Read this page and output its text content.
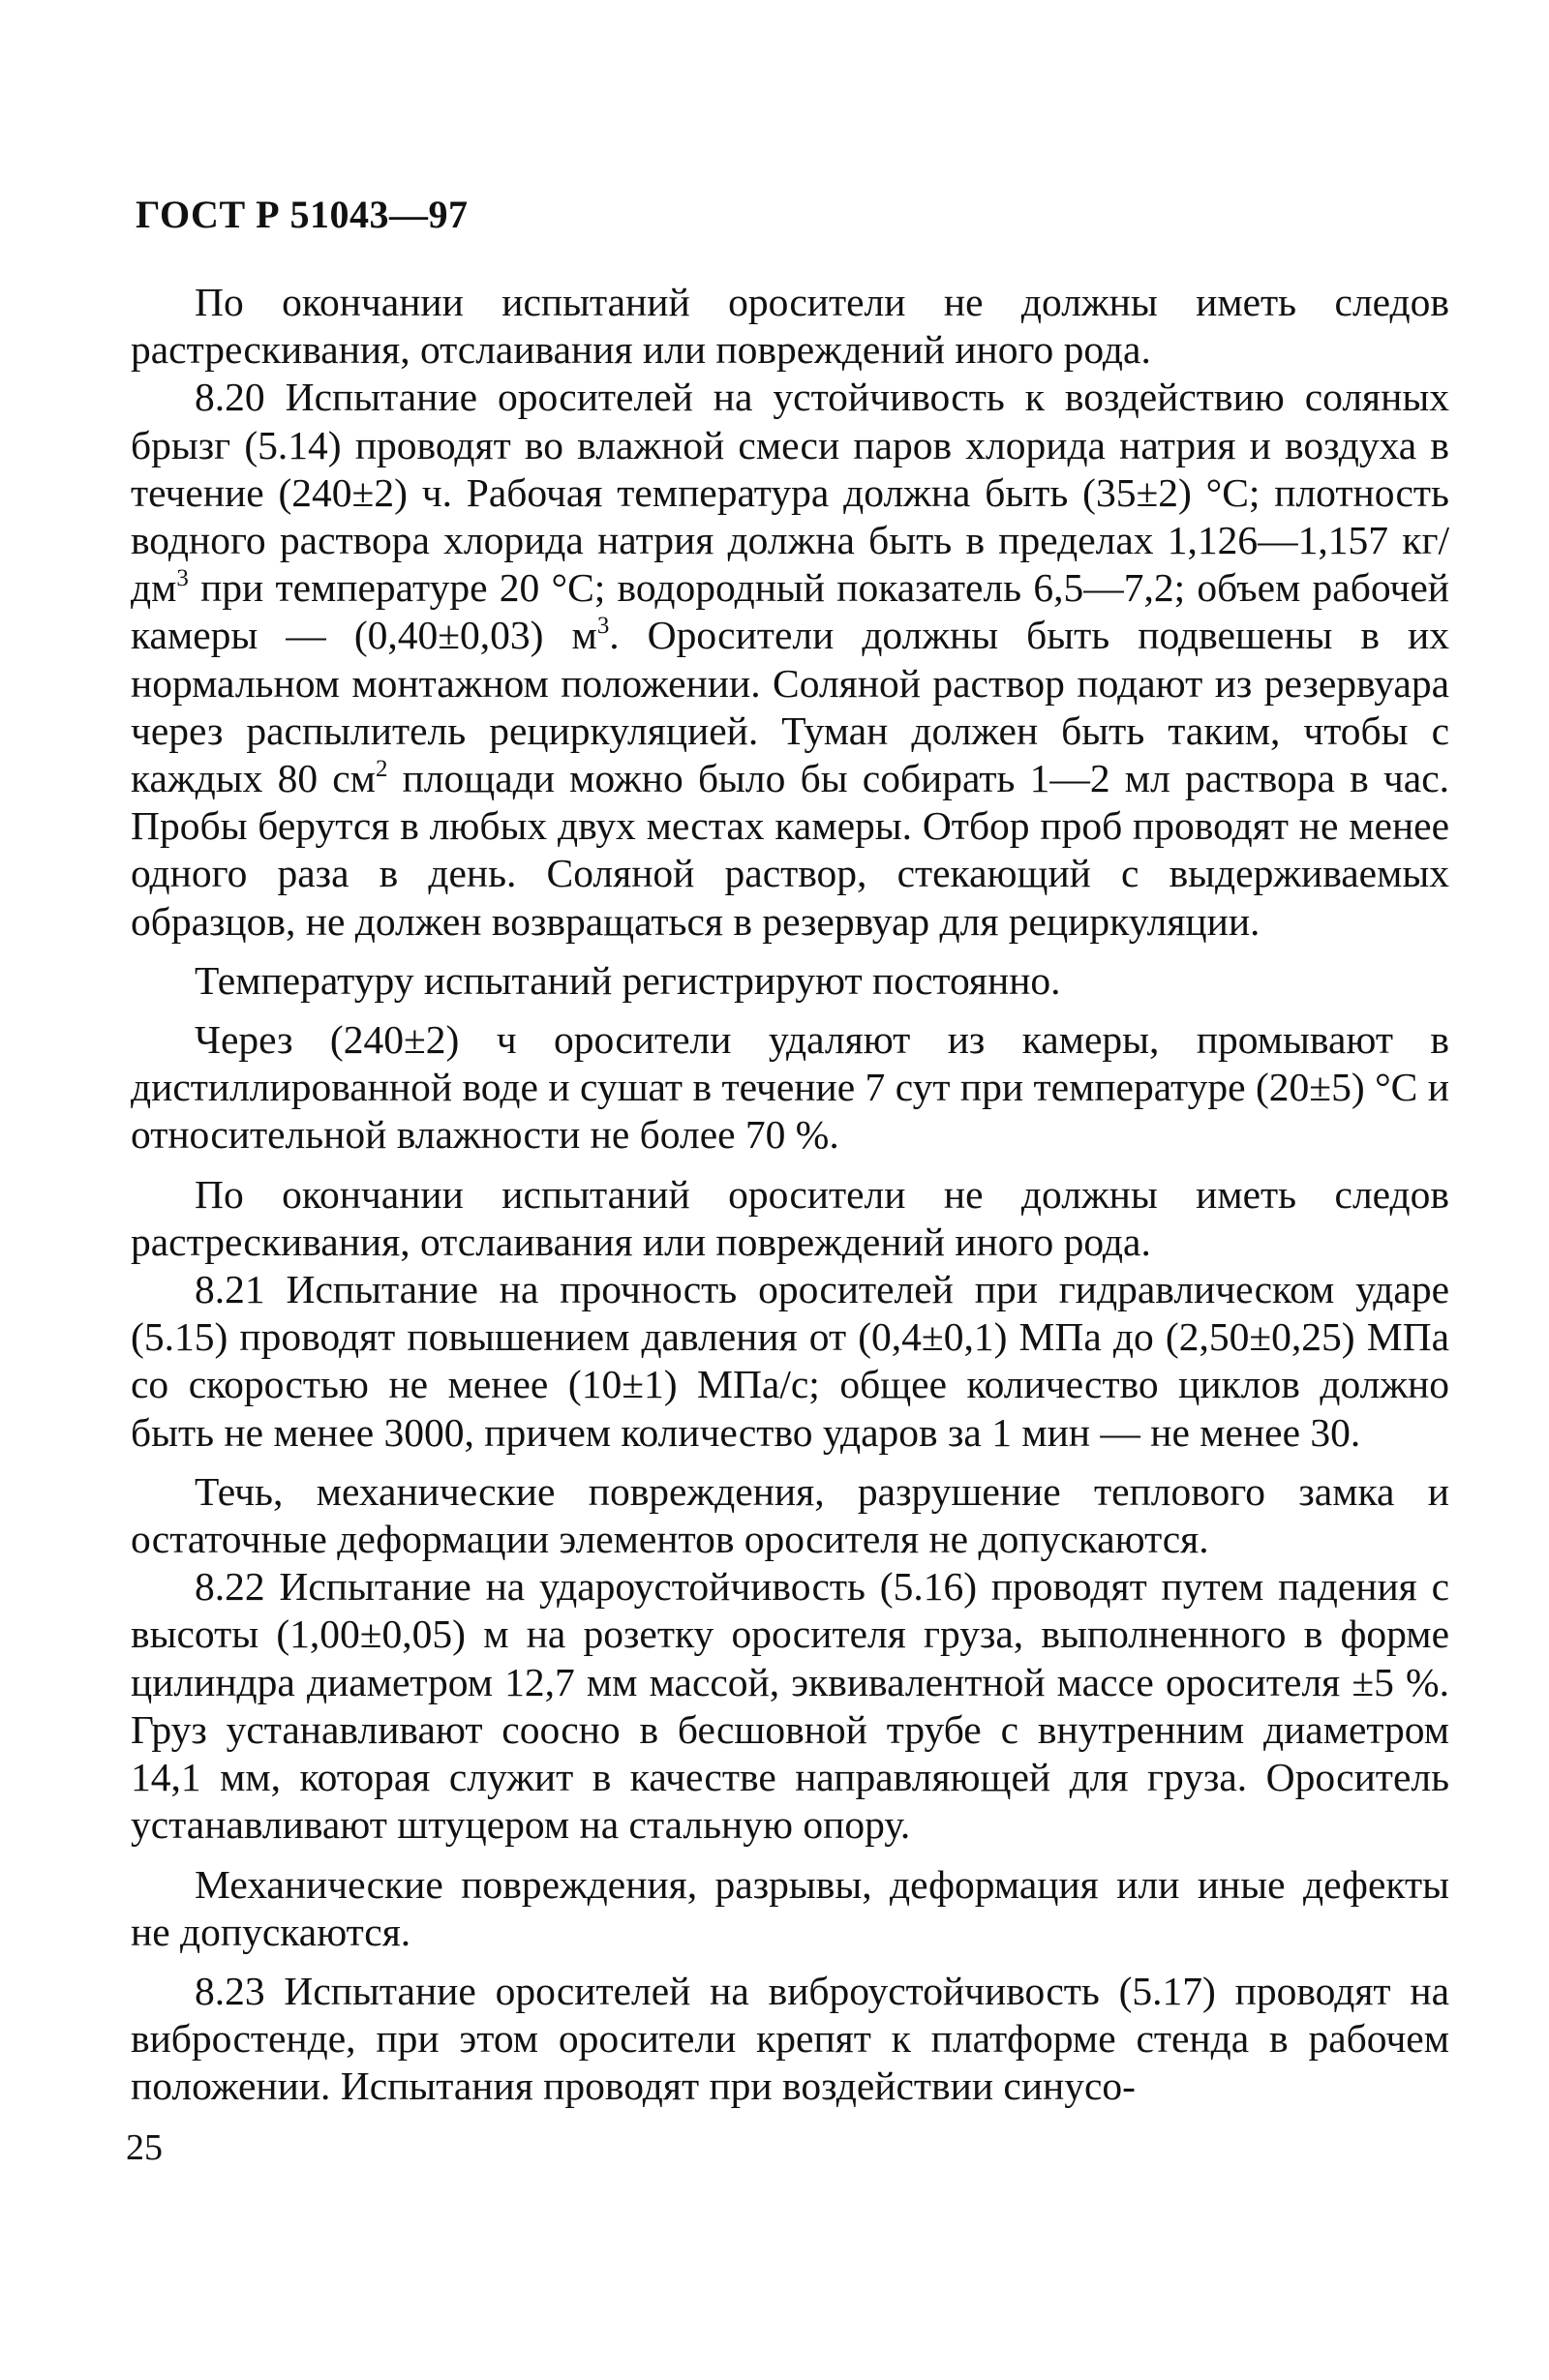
ГОСТ Р 51043—97

По окончании испытаний оросители не должны иметь следов растрескивания, отслаивания или повреждений иного рода.

8.20 Испытание оросителей на устойчивость к воздействию соляных брызг (5.14) проводят во влажной смеси паров хлорида натрия и воздуха в течение (240±2) ч. Рабочая температура должна быть (35±2) °С; плотность водного раствора хлорида натрия должна быть в пределах 1,126—1,157 $кг/дм^3$ при температуре 20 °С; водородный показатель 6,5—7,2; объем рабочей камеры — (0,40±0,03) $м^3$. Оросители должны быть подвешены в их нормальном монтажном положении. Соляной раствор подают из резервуара через распылитель рециркуляцией. Туман должен быть таким, чтобы с каждых 80 $см^2$ площади можно было бы собирать 1—2 мл раствора в час. Пробы берутся в любых двух местах камеры. Отбор проб проводят не менее одного раза в день. Соляной раствор, стекающий с выдерживаемых образцов, не должен возвращаться в резервуар для рециркуляции.

Температуру испытаний регистрируют постоянно.

Через (240±2) ч оросители удаляют из камеры, промывают в дистиллированной воде и сушат в течение 7 сут при температуре (20±5) °С и относительной влажности не более 70 %.

По окончании испытаний оросители не должны иметь следов растрескивания, отслаивания или повреждений иного рода.

8.21 Испытание на прочность оросителей при гидравлическом ударе (5.15) проводят повышением давления от (0,4±0,1) МПа до (2,50±0,25) МПа со скоростью не менее (10±1) МПа/с; общее количество циклов должно быть не менее 3000, причем количество ударов за 1 мин — не менее 30.

Течь, механические повреждения, разрушение теплового замка и остаточные деформации элементов оросителя не допускаются.

8.22 Испытание на удароустойчивость (5.16) проводят путем падения с высоты (1,00±0,05) м на розетку оросителя груза, выполненного в форме цилиндра диаметром 12,7 мм массой, эквивалентной массе оросителя ±5 %. Груз устанавливают соосно в бесшовной трубе с внутренним диаметром 14,1 мм, которая служит в качестве направляющей для груза. Ороситель устанавливают штуцером на стальную опору.

Механические повреждения, разрывы, деформация или иные дефекты не допускаются.

8.23 Испытание оросителей на виброустойчивость (5.17) проводят на вибростенде, при этом оросители крепят к платформе стенда в рабочем положении. Испытания проводят при воздействии синусо-

25
